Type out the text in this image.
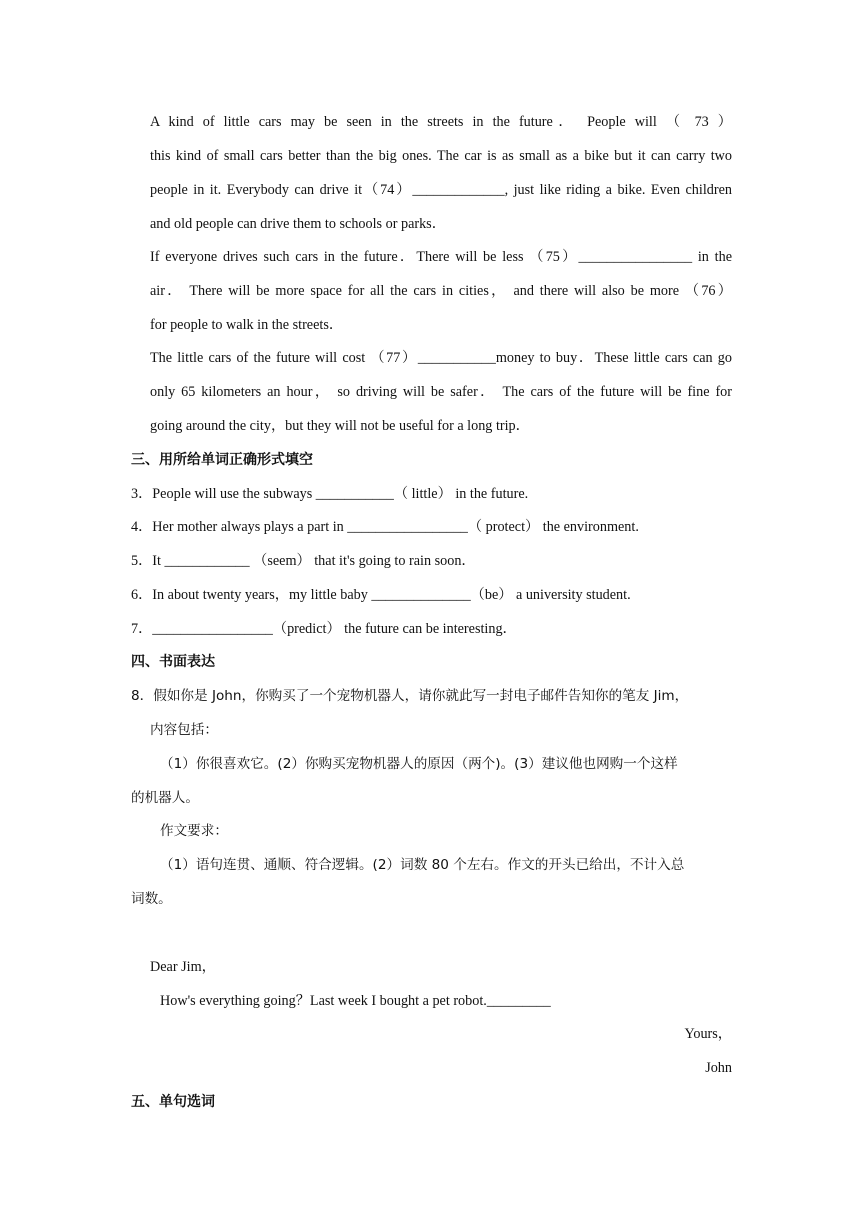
A kind of little cars may be seen in the streets in the future． People will （ 73 ）
this kind of small cars better than the big ones. The car is as small as a bike but it can carry two
people in it. Everybody can drive it（74）_____________, just like riding a bike. Even children
and old people can drive them to schools or parks．
If everyone drives such cars in the future．There will be less （75）________________ in the
air． There will be more space for all the cars in cities， and there will also be more （76）
for people to walk in the streets．
The little cars of the future will cost （77）___________money to buy．These little cars can go
only 65 kilometers an hour， so driving will be safer． The cars of the future will be fine for
going around the city，but they will not be useful for a long trip．
三、用所给单词正确形式填空
3．People will use the subways ___________（ little） in the future.
4．Her mother always plays a part in _________________（ protect） the environment.
5．It ____________ （seem） that it's going to rain soon．
6．In about twenty years，my little baby ______________（be） a university student.
7．_________________（predict） the future can be interesting．
四、书面表达
8．假如你是 John，你购买了一个宠物机器人，请你就此写一封电子邮件告知你的笔友 Jim，
内容包括：
（1）你很喜欢它。(2）你购买宠物机器人的原因（两个)。(3）建议他也网购一个这样
的机器人。
作文要求：
（1）语句连贯、通顺、符合逻辑。(2）词数 80 个左右。作文的开头已给出，不计入总
词数。
Dear Jim，
How's everything going？Last week I bought a pet robot._________
Yours，
John
五、单句选词
